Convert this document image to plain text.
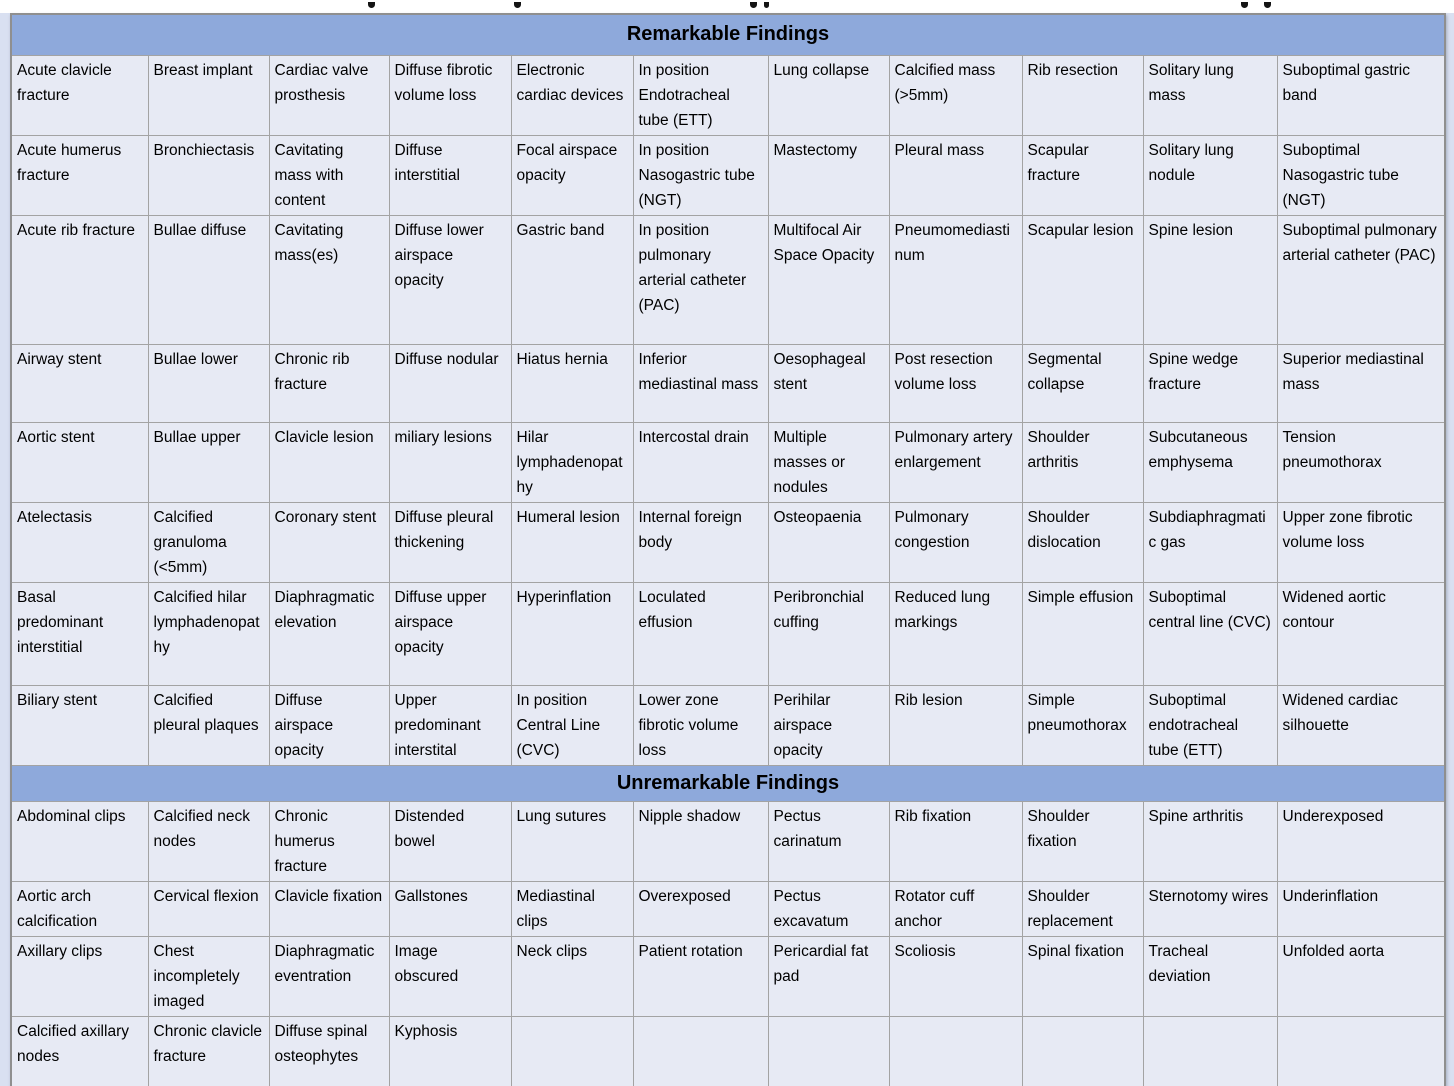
Remarkable Findings										
Acute clavicle fracture	Breast implant	Cardiac valve prosthesis	Diffuse fibrotic volume loss	Electronic cardiac devices	In position Endotracheal tube (ETT)	Lung collapse	Calcified mass (>5mm)	Rib resection	Solitary lung mass	Suboptimal gastric band
Acute humerus fracture	Bronchiectasis	Cavitating mass with content	Diffuse interstitial	Focal airspace opacity	In position Nasogastric tube (NGT)	Mastectomy	Pleural mass	Scapular fracture	Solitary lung nodule	Suboptimal Nasogastric tube (NGT)
Acute rib fracture	Bullae diffuse	Cavitating mass(es)	Diffuse lower airspace opacity	Gastric band	In position pulmonary arterial catheter (PAC)	Multifocal Air Space Opacity	Pneumomediastinum	Scapular lesion	Spine lesion	Suboptimal pulmonary arterial catheter (PAC)
Airway stent	Bullae lower	Chronic rib fracture	Diffuse nodular	Hiatus hernia	Inferior mediastinal mass	Oesophageal stent	Post resection volume loss	Segmental collapse	Spine wedge fracture	Superior mediastinal mass
Aortic stent	Bullae upper	Clavicle lesion	miliary lesions	Hilar lymphadenopathy	Intercostal drain	Multiple masses or nodules	Pulmonary artery enlargement	Shoulder arthritis	Subcutaneous emphysema	Tension pneumothorax
Atelectasis	Calcified granuloma (<5mm)	Coronary stent	Diffuse pleural thickening	Humeral lesion	Internal foreign body	Osteopaenia	Pulmonary congestion	Shoulder dislocation	Subdiaphragmatic gas	Upper zone fibrotic volume loss
Basal predominant interstitial	Calcified hilar lymphadenopathy	Diaphragmatic elevation	Diffuse upper airspace opacity	Hyperinflation	Loculated effusion	Peribronchial cuffing	Reduced lung markings	Simple effusion	Suboptimal central line (CVC)	Widened aortic contour
Biliary stent	Calcified pleural plaques	Diffuse airspace opacity	Upper predominant interstital	In position Central Line (CVC)	Lower zone fibrotic volume loss	Perihilar airspace opacity	Rib lesion	Simple pneumothorax	Suboptimal endotracheal tube (ETT)	Widened cardiac silhouette
Unremarkable Findings										
Abdominal clips	Calcified neck nodes	Chronic humerus fracture	Distended bowel	Lung sutures	Nipple shadow	Pectus carinatum	Rib fixation	Shoulder fixation	Spine arthritis	Underexposed
Aortic arch calcification	Cervical flexion	Clavicle fixation	Gallstones	Mediastinal clips	Overexposed	Pectus excavatum	Rotator cuff anchor	Shoulder replacement	Sternotomy wires	Underinflation
Axillary clips	Chest incompletely imaged	Diaphragmatic eventration	Image obscured	Neck clips	Patient rotation	Pericardial fat pad	Scoliosis	Spinal fixation	Tracheal deviation	Unfolded aorta
Calcified axillary nodes	Chronic clavicle fracture	Diffuse spinal osteophytes	Kyphosis							
